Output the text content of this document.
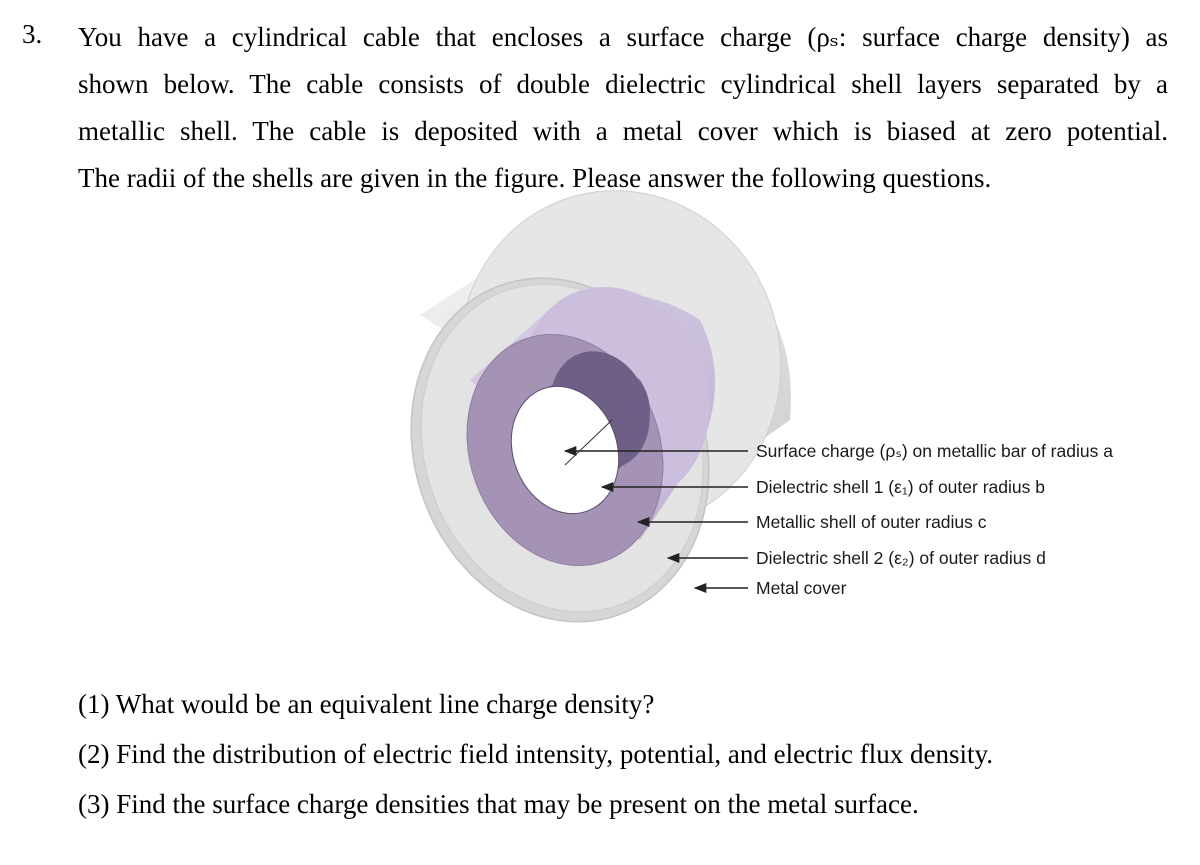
3. You have a cylindrical cable that encloses a surface charge (ρₛ: surface charge density) as
shown below. The cable consists of double dielectric cylindrical shell layers separated by a
metallic shell. The cable is deposited with a metal cover which is biased at zero potential.
The radii of the shells are given in the figure. Please answer the following questions.
Surface charge (ρₛ) on metallic bar of radius a
Dielectric shell 1 (ε₁) of outer radius b
Metallic shell of outer radius c
Dielectric shell 2 (ε₂) of outer radius d
Metal cover
(1) What would be an equivalent line charge density?
(2) Find the distribution of electric field intensity, potential, and electric flux density.
(3) Find the surface charge densities that may be present on the metal surface.
